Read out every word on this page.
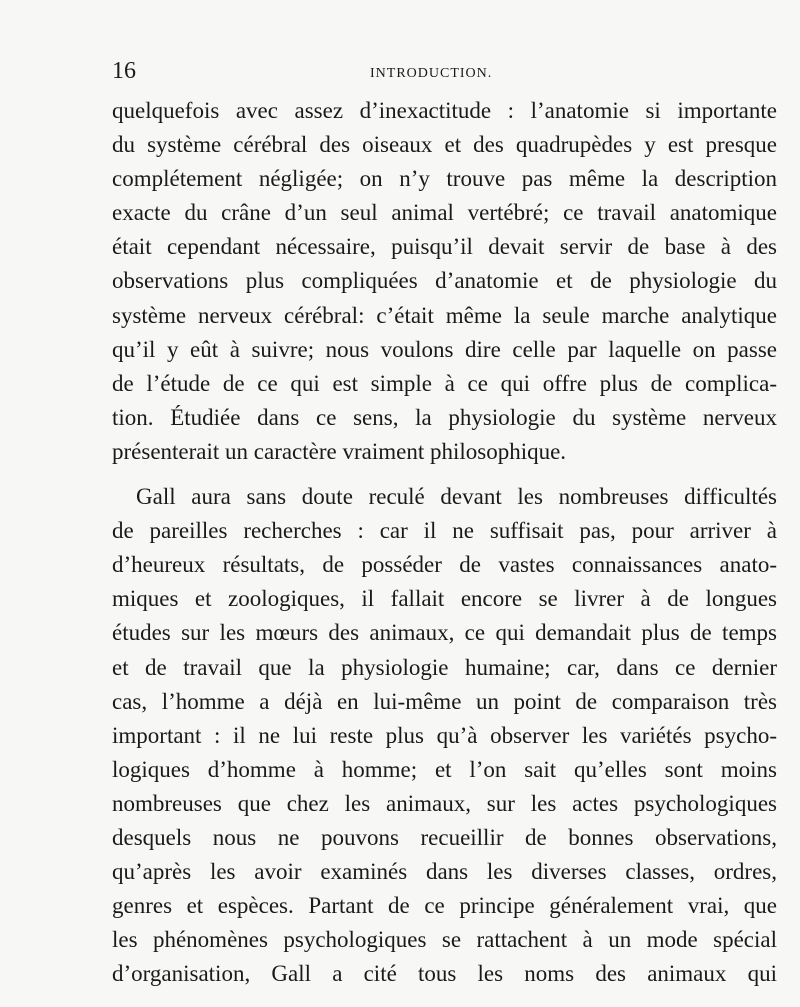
16	INTRODUCTION.
quelquefois avec assez d’inexactitude : l’anatomie si importante
du système cérébral des oiseaux et des quadrupèdes y est presque
complétement négligée; on n’y trouve pas même la description
exacte du crâne d’un seul animal vertébré; ce travail anatomique
était cependant nécessaire, puisqu’il devait servir de base à des
observations plus compliquées d’anatomie et de physiologie du
système nerveux cérébral: c’était même la seule marche analytique
qu’il y eût à suivre; nous voulons dire celle par laquelle on passe
de l’étude de ce qui est simple à ce qui offre plus de complica-
tion. Étudiée dans ce sens, la physiologie du système nerveux
présenterait un caractère vraiment philosophique.
Gall aura sans doute reculé devant les nombreuses difficultés
de pareilles recherches : car il ne suffisait pas, pour arriver à
d’heureux résultats, de posséder de vastes connaissances anato-
miques et zoologiques, il fallait encore se livrer à de longues
études sur les mœurs des animaux, ce qui demandait plus de temps
et de travail que la physiologie humaine; car, dans ce dernier
cas, l’homme a déjà en lui-même un point de comparaison très
important : il ne lui reste plus qu’à observer les variétés psycho-
logiques d’homme à homme; et l’on sait qu’elles sont moins
nombreuses que chez les animaux, sur les actes psychologiques
desquels nous ne pouvons recueillir de bonnes observations,
qu’après les avoir examinés dans les diverses classes, ordres,
genres et espèces. Partant de ce principe généralement vrai, que
les phénomènes psychologiques se rattachent à un mode spécial
d’organisation, Gall a cité tous les noms des animaux qui
